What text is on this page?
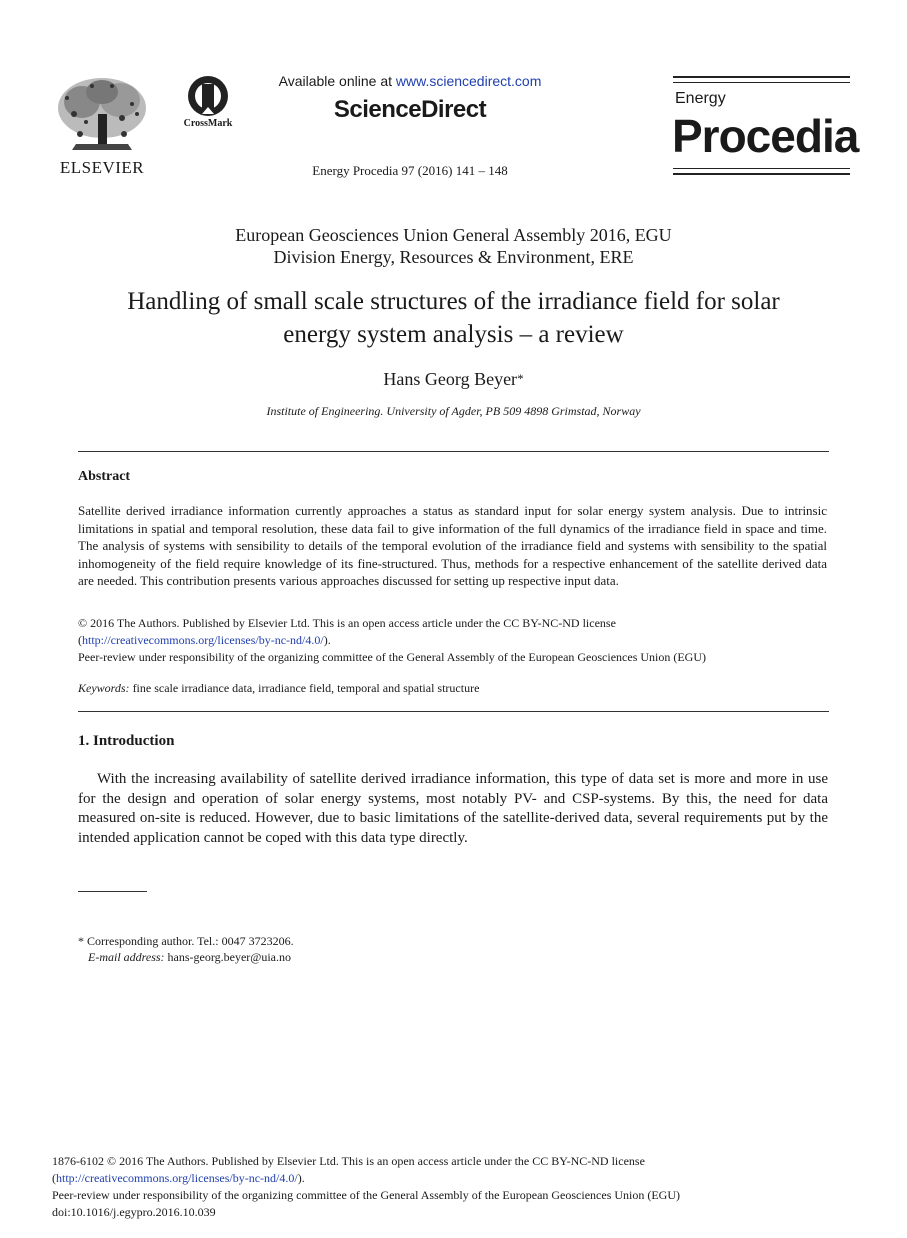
ELSEVIER
CrossMark
Available online at www.sciencedirect.com
ScienceDirect
Energy Procedia 97 (2016) 141 – 148
Energy
Procedia
European Geosciences Union General Assembly 2016, EGU
Division Energy, Resources & Environment, ERE
Handling of small scale structures of the irradiance field for solar
energy system analysis – a review
Hans Georg Beyer*
Institute of Engineering. University of Agder, PB 509 4898 Grimstad, Norway
Abstract
Satellite derived irradiance information currently approaches a status as standard input for solar energy system analysis. Due to intrinsic limitations in spatial and temporal resolution, these data fail to give information of the full dynamics of the irradiance field in space and time. The analysis of systems with sensibility to details of the temporal evolution of the irradiance field and systems with sensibility to the spatial inhomogeneity of the field require knowledge of its fine-structured. Thus, methods for a respective enhancement of the satellite derived data are needed. This contribution presents various approaches discussed for setting up respective input data.
© 2016 The Authors. Published by Elsevier Ltd. This is an open access article under the CC BY-NC-ND license
(http://creativecommons.org/licenses/by-nc-nd/4.0/).
Peer-review under responsibility of the organizing committee of the General Assembly of the European Geosciences Union (EGU)
Keywords: fine scale irradiance data, irradiance field, temporal and spatial structure
1. Introduction
With the increasing availability of satellite derived irradiance information, this type of data set is more and more in use for the design and operation of solar energy systems, most notably PV- and CSP-systems. By this, the need for data measured on-site is reduced. However, due to basic limitations of the satellite-derived data, several requirements put by the intended application cannot be coped with this data type directly.
* Corresponding author. Tel.: 0047 3723206.
E-mail address: hans-georg.beyer@uia.no
1876-6102 © 2016 The Authors. Published by Elsevier Ltd. This is an open access article under the CC BY-NC-ND license
(http://creativecommons.org/licenses/by-nc-nd/4.0/).
Peer-review under responsibility of the organizing committee of the General Assembly of the European Geosciences Union (EGU)
doi:10.1016/j.egypro.2016.10.039
